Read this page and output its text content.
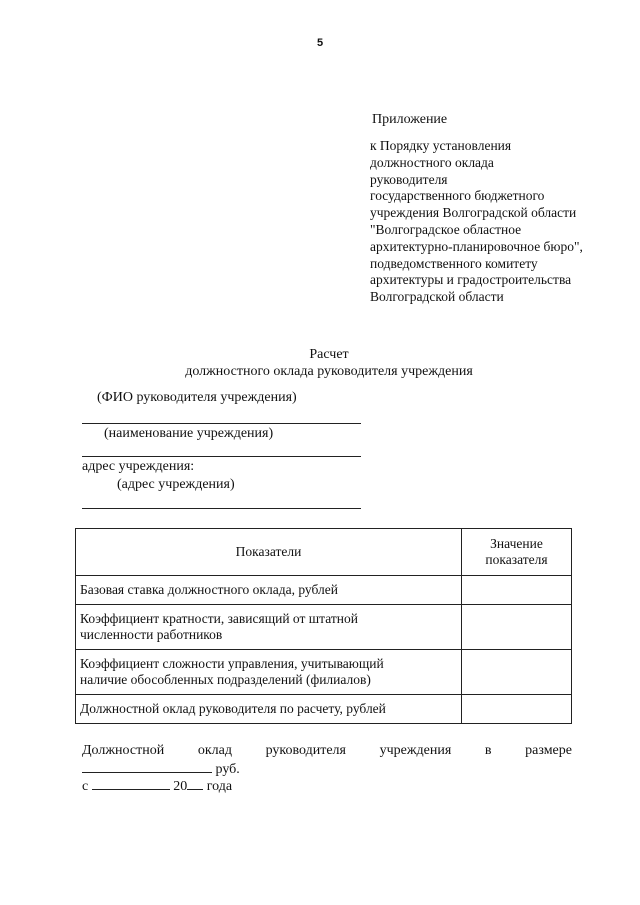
5
Приложение
к Порядку установления
должностного оклада
руководителя
государственного бюджетного
учреждения Волгоградской области
"Волгоградское областное
архитектурно-планировочное бюро",
подведомственного комитету
архитектуры и градостроительства
Волгоградской области
Расчет
должностного оклада руководителя учреждения
(ФИО руководителя учреждения)
(наименование учреждения)
адрес учреждения:
(адрес учреждения)
Показатели	Значение
показателя
Базовая ставка должностного оклада, рублей	
Коэффициент кратности, зависящий от штатной
численности работников	
Коэффициент сложности управления, учитывающий
наличие обособленных подразделений (филиалов)	
Должностной оклад руководителя по расчету, рублей	
Должностной оклад руководителя учреждения в размере
руб.
с	20 года
